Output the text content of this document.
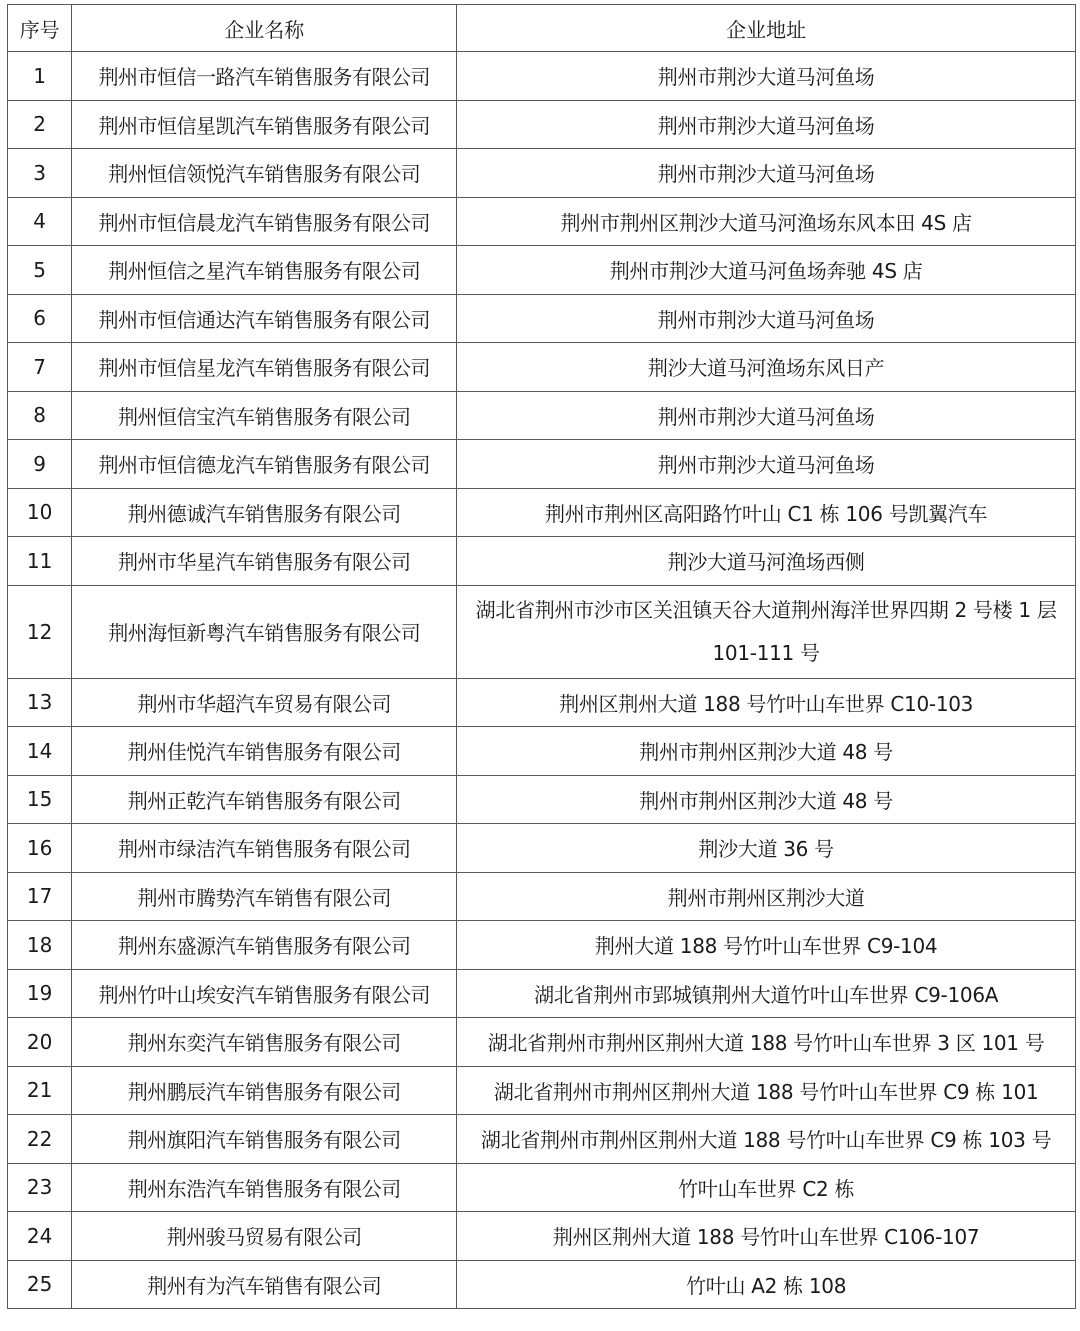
序号	企业名称	企业地址
1	荆州市恒信一路汽车销售服务有限公司	荆州市荆沙大道马河鱼场
2	荆州市恒信星凯汽车销售服务有限公司	荆州市荆沙大道马河鱼场
3	荆州恒信领悦汽车销售服务有限公司	荆州市荆沙大道马河鱼场
4	荆州市恒信晨龙汽车销售服务有限公司	荆州市荆州区荆沙大道马河渔场东风本田 4S 店
5	荆州恒信之星汽车销售服务有限公司	荆州市荆沙大道马河鱼场奔驰 4S 店
6	荆州市恒信通达汽车销售服务有限公司	荆州市荆沙大道马河鱼场
7	荆州市恒信星龙汽车销售服务有限公司	荆沙大道马河渔场东风日产
8	荆州恒信宝汽车销售服务有限公司	荆州市荆沙大道马河鱼场
9	荆州市恒信德龙汽车销售服务有限公司	荆州市荆沙大道马河鱼场
10	荆州德诚汽车销售服务有限公司	荆州市荆州区高阳路竹叶山 C1 栋 106 号凯翼汽车
11	荆州市华星汽车销售服务有限公司	荆沙大道马河渔场西侧
12	荆州海恒新粤汽车销售服务有限公司	湖北省荆州市沙市区关沮镇天谷大道荆州海洋世界四期 2 号楼 1 层 101-111 号
13	荆州市华超汽车贸易有限公司	荆州区荆州大道 188 号竹叶山车世界 C10-103
14	荆州佳悦汽车销售服务有限公司	荆州市荆州区荆沙大道 48 号
15	荆州正乾汽车销售服务有限公司	荆州市荆州区荆沙大道 48 号
16	荆州市绿洁汽车销售服务有限公司	荆沙大道 36 号
17	荆州市腾势汽车销售有限公司	荆州市荆州区荆沙大道
18	荆州东盛源汽车销售服务有限公司	荆州大道 188 号竹叶山车世界 C9-104
19	荆州竹叶山埃安汽车销售服务有限公司	湖北省荆州市郢城镇荆州大道竹叶山车世界 C9-106A
20	荆州东奕汽车销售服务有限公司	湖北省荆州市荆州区荆州大道 188 号竹叶山车世界 3 区 101 号
21	荆州鹏辰汽车销售服务有限公司	湖北省荆州市荆州区荆州大道 188 号竹叶山车世界 C9 栋 101
22	荆州旗阳汽车销售服务有限公司	湖北省荆州市荆州区荆州大道 188 号竹叶山车世界 C9 栋 103 号
23	荆州东浩汽车销售服务有限公司	竹叶山车世界 C2 栋
24	荆州骏马贸易有限公司	荆州区荆州大道 188 号竹叶山车世界 C106-107
25	荆州有为汽车销售有限公司	竹叶山 A2 栋 108
